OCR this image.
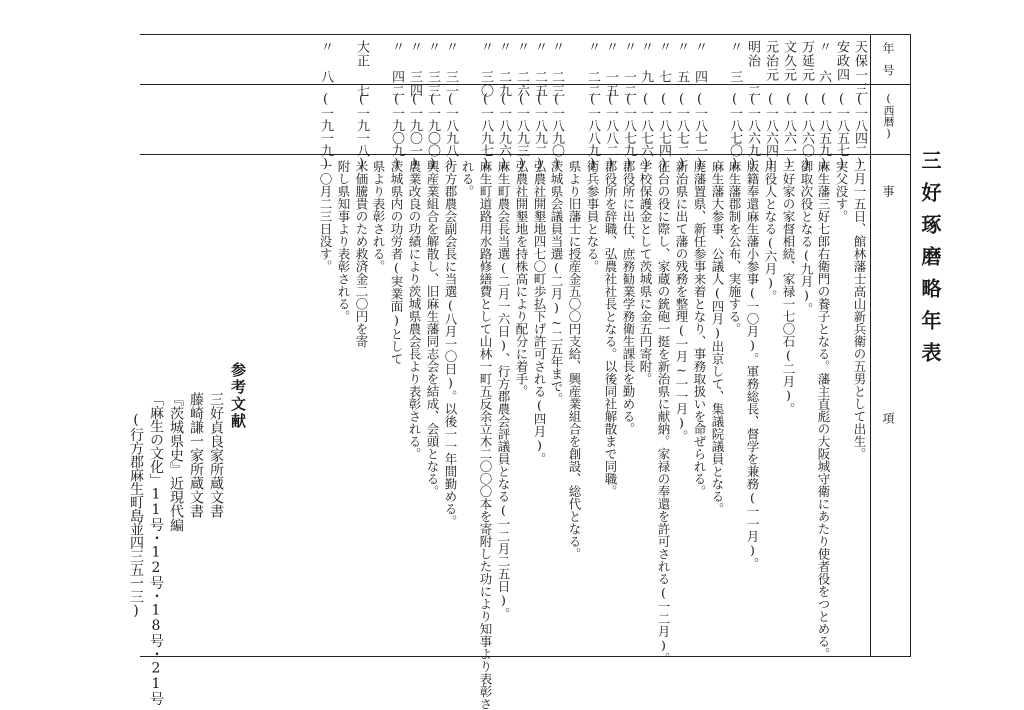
三好琢磨略年表
年号
(西暦)
事
項
天保一三
(一八四二)
二月一五日、館林藩士高山新兵衛の五男として出生。
安政四
(一八五七)
実父没す。
〃 六
(一八五九)
麻生藩三好七郎右衛門の養子となる。藩主直彪の大阪城守衛にあたり使者役をつとめる。
万延元
(一八六〇)
御取次役となる(九月)。
文久元
(一八六一)
三好家の家督相続、家禄一七〇石(二月)。
元治元
(一八六四)
用役人となる(六月)。
明治 二
(一八六九)
版籍奉還麻生藩小参事(一〇月)。軍務総長、督学を兼務(一一月)。
〃 三
(一八七〇)
麻生藩郡制を公布、実施する。
麻生藩大参事、公議人(四月)出京して、集議院議員となる。
〃 四
(一八七一)
廃藩置県、新任参事来着となり、事務取扱いを命ぜられる。
〃 五
(一八七二)
新治県に出て藩の残務を整理(一月~一一月)。
〃 七
(一八七四)
征台の役に際し、家蔵の銃砲一挺を新治県に献納。家禄の奉還を許可される(一二月)。
〃 九
(一八七六)
学校保護金として茨城県に金五円寄附。
〃 一二
(一八七九)
郡役所に出仕、庶務勧業学務衛生課長を勤める。
〃 一五
(一八八二)
郡役所を辞職、弘農社社長となる。以後同社解散まで同職。
〃 二二
(一八八九)
衛兵参事員となる。
県より旧藩士に授産金五〇〇円支給、興産業組合を創設、総代となる。
〃 二三
(一八九〇)
茨城県会議員当選(二月)~二五年まで。
〃 二五
(一八九二)
弘農社開墾地四七〇町歩払下げ許可される(四月)。
〃 二六
(一八九三)
弘農社開墾地を持株高により配分に着手。
〃 二九
(一八九六)
麻生町農会長当選(二月一六日)、行方郡農会評議員となる(一二月二五日)。
〃 三〇
(一八九七)
麻生町道路用水路修繕費として山林一町五反余立木二〇〇〇本を寄附した功により知事より表彰さ
れる。
〃 三一
(一八九八)
行方郡農会副会長に当選(八月一〇日)。以後一一年間勤める。
〃 三三
(一九〇〇)
興産業組合を解散し、旧麻生藩同志会を結成、会頭となる。
〃 三四
(一九〇一)
農業改良の功績により茨城県農会長より表彰される。
〃 四二
(一九〇九)
茨城県内の功労者(実業面)として
県より表彰される。
大正 七
(一九一八)
米価騰貴のため救済金二〇円を寄
附し県知事より表彰される。
〃 八
(一九一九)
一〇月二三日没す。
参考文献
三好貞良家所蔵文書
藤崎謙一家所蔵文書
『茨城県史』近現代編
「麻生の文化」11号・12号・18号・21号
(行方郡麻生町島並四三五一三)
